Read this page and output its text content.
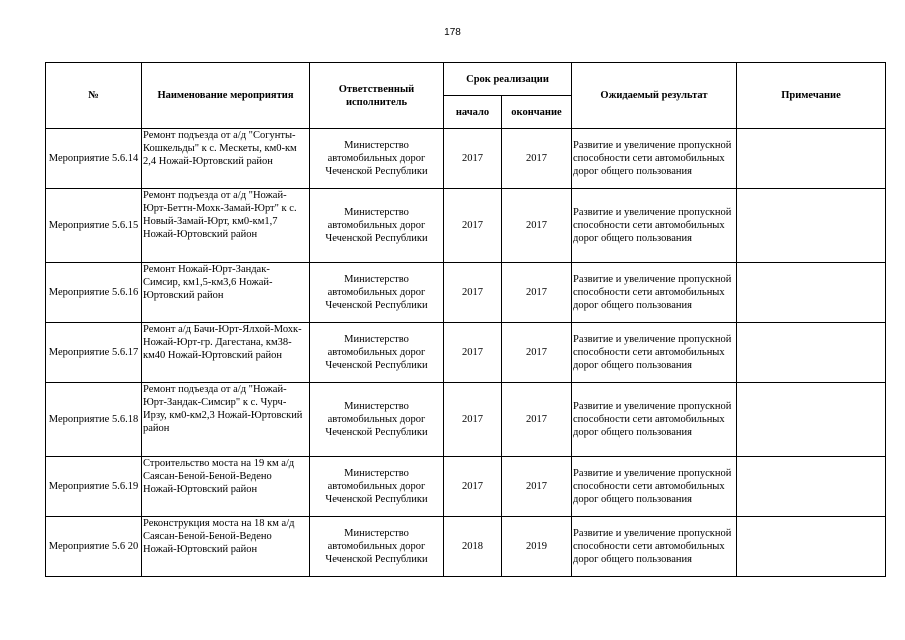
178
№	Наименование мероприятия	Ответственный исполнитель	Срок реализации		Ожидаемый результат	Примечание
			начало	окончание		
Мероприятие 5.6.14	Ремонт подъезда от а/д "Согунты-Кошкельды" к с. Мескеты, км0-км 2,4 Ножай-Юртовский район	Министерство автомобильных дорог Чеченской Республики	2017	2017	Развитие и увеличение пропускной способности сети автомобильных дорог общего пользования	
Мероприятие 5.6.15	Ремонт подъезда от а/д "Ножай-Юрт-Беттн-Мохк-Замай-Юрт" к с. Новый-Замай-Юрт, км0-км1,7 Ножай-Юртовский район	Министерство автомобильных дорог Чеченской Республики	2017	2017	Развитие и увеличение пропускной способности сети автомобильных дорог общего пользования	
Мероприятие 5.6.16	Ремонт Ножай-Юрт-Зандак-Симсир, км1,5-км3,6 Ножай-Юртовский район	Министерство автомобильных дорог Чеченской Республики	2017	2017	Развитие и увеличение пропускной способности сети автомобильных дорог общего пользования	
Мероприятие 5.6.17	Ремонт а/д Бачи-Юрт-Ялхой-Мохк-Ножай-Юрт-гр. Дагестана, км38-км40 Ножай-Юртовский район	Министерство автомобильных дорог Чеченской Республики	2017	2017	Развитие и увеличение пропускной способности сети автомобильных дорог общего пользования	
Мероприятие 5.6.18	Ремонт подъезда от а/д "Ножай-Юрт-Зандак-Симсир" к с. Чурч-Ирзу, км0-км2,3 Ножай-Юртовский район	Министерство автомобильных дорог Чеченской Республики	2017	2017	Развитие и увеличение пропускной способности сети автомобильных дорог общего пользования	
Мероприятие 5.6.19	Строительство моста на 19 км а/д Саясан-Беной-Беной-Ведено Ножай-Юртовский район	Министерство автомобильных дорог Чеченской Республики	2017	2017	Развитие и увеличение пропускной способности сети автомобильных дорог общего пользования	
Мероприятие 5.6 20	Реконструкция моста на 18 км а/д Саясан-Беной-Беной-Ведено Ножай-Юртовский район	Министерство автомобильных дорог Чеченской Республики	2018	2019	Развитие и увеличение пропускной способности сети автомобильных дорог общего пользования	
